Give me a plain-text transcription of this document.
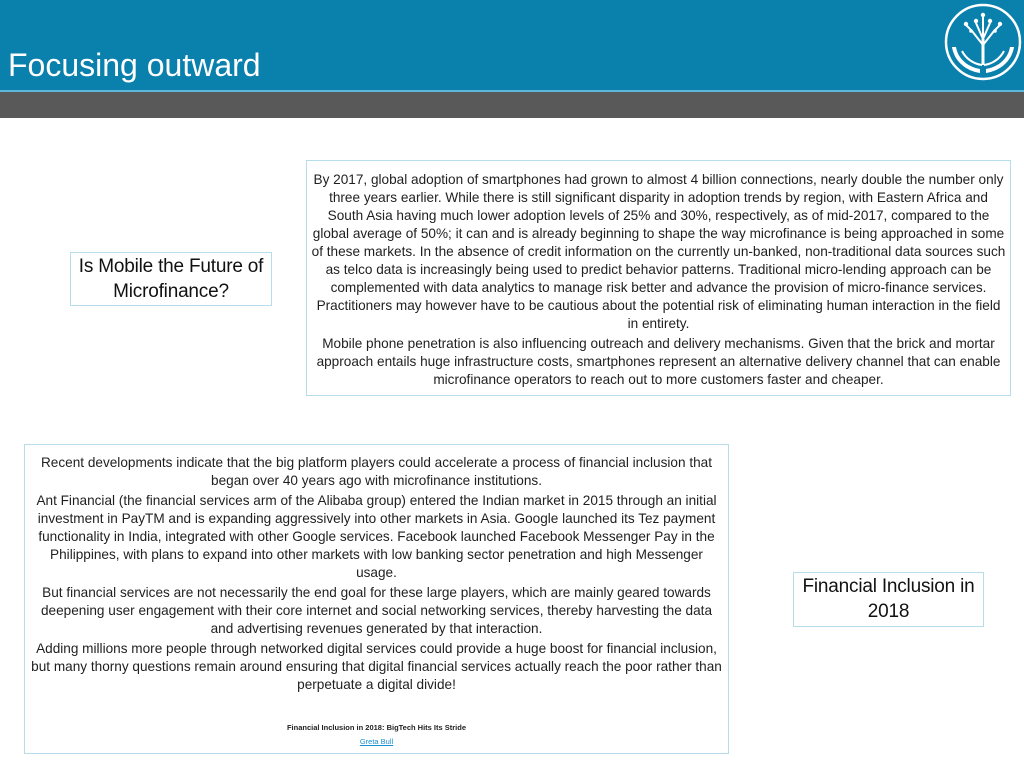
Focusing outward

By 2017, global adoption of smartphones had grown to almost 4 billion connections, nearly double the number only three years earlier. While there is still significant disparity in adoption trends by region, with Eastern Africa and South Asia having much lower adoption levels of 25% and 30%, respectively, as of mid-2017, compared to the global average of 50%; it can and is already beginning to shape the way microfinance is being approached in some of these markets. In the absence of credit information on the currently un-banked, non-traditional data sources such as telco data is increasingly being used to predict behavior patterns. Traditional micro-lending approach can be complemented with data analytics to manage risk better and advance the provision of micro-finance services. Practitioners may however have to be cautious about the potential risk of eliminating human interaction in the field in entirety.

Mobile phone penetration is also influencing outreach and delivery mechanisms. Given that the brick and mortar approach entails huge infrastructure costs, smartphones represent an alternative delivery channel that can enable microfinance operators to reach out to more customers faster and cheaper.

Is Mobile the Future of Microfinance?

Recent developments indicate that the big platform players could accelerate a process of financial inclusion that began over 40 years ago with microfinance institutions.

Ant Financial (the financial services arm of the Alibaba group) entered the Indian market in 2015 through an initial investment in PayTM and is expanding aggressively into other markets in Asia. Google launched its Tez payment functionality in India, integrated with other Google services. Facebook launched Facebook Messenger Pay in the Philippines, with plans to expand into other markets with low banking sector penetration and high Messenger usage.

But financial services are not necessarily the end goal for these large players, which are mainly geared towards deepening user engagement with their core internet and social networking services, thereby harvesting the data and advertising revenues generated by that interaction.

Adding millions more people through networked digital services could provide a huge boost for financial inclusion, but many thorny questions remain around ensuring that digital financial services actually reach the poor rather than perpetuate a digital divide!

Financial Inclusion in 2018: BigTech Hits Its Stride
Greta Bull
Financial Inclusion in 2018
